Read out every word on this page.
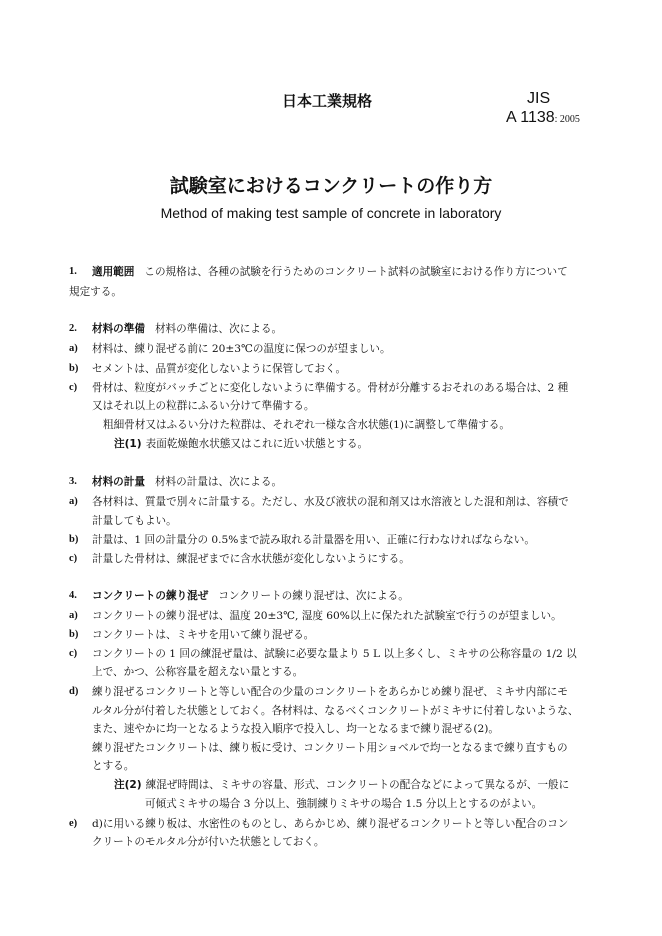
日本工業規格	JIS
A 1138: 2005
試験室におけるコンクリートの作り方
Method of making test sample of concrete in laboratory
1. 適用範囲 この規格は、各種の試験を行うためのコンクリート試料の試験室における作り方について
規定する。
2. 材料の準備 材料の準備は、次による。
a) 材料は、練り混ぜる前に 20±3℃の温度に保つのが望ましい。
b) セメントは、品質が変化しないように保管しておく。
c) 骨材は、粒度がバッチごとに変化しないように準備する。骨材が分離するおそれのある場合は、2 種
又はそれ以上の粒群にふるい分けて準備する。
粗細骨材又はふるい分けた粒群は、それぞれ一様な含水状態(1)に調整して準備する。
注(1) 表面乾燥飽水状態又はこれに近い状態とする。
3. 材料の計量 材料の計量は、次による。
a) 各材料は、質量で別々に計量する。ただし、水及び液状の混和剤又は水溶液とした混和剤は、容積で
計量してもよい。
b) 計量は、1 回の計量分の 0.5%まで読み取れる計量器を用い、正確に行わなければならない。
c) 計量した骨材は、練混ぜまでに含水状態が変化しないようにする。
4. コンクリートの練り混ぜ コンクリートの練り混ぜは、次による。
a) コンクリートの練り混ぜは、温度 20±3℃, 湿度 60%以上に保たれた試験室で行うのが望ましい。
b) コンクリートは、ミキサを用いて練り混ぜる。
c) コンクリートの 1 回の練混ぜ量は、試験に必要な量より 5 L 以上多くし、ミキサの公称容量の 1/2 以
上で、かつ、公称容量を超えない量とする。
d) 練り混ぜるコンクリートと等しい配合の少量のコンクリートをあらかじめ練り混ぜ、ミキサ内部にモ
ルタル分が付着した状態としておく。各材料は、なるべくコンクリートがミキサに付着しないような、
また、速やかに均一となるような投入順序で投入し、均一となるまで練り混ぜる(2)。
練り混ぜたコンクリートは、練り板に受け、コンクリート用ショベルで均一となるまで練り直すもの
とする。
注(2) 練混ぜ時間は、ミキサの容量、形式、コンクリートの配合などによって異なるが、一般に
可傾式ミキサの場合 3 分以上、強制練りミキサの場合 1.5 分以上とするのがよい。
e) d)に用いる練り板は、水密性のものとし、あらかじめ、練り混ぜるコンクリートと等しい配合のコン
クリートのモルタル分が付いた状態としておく。
